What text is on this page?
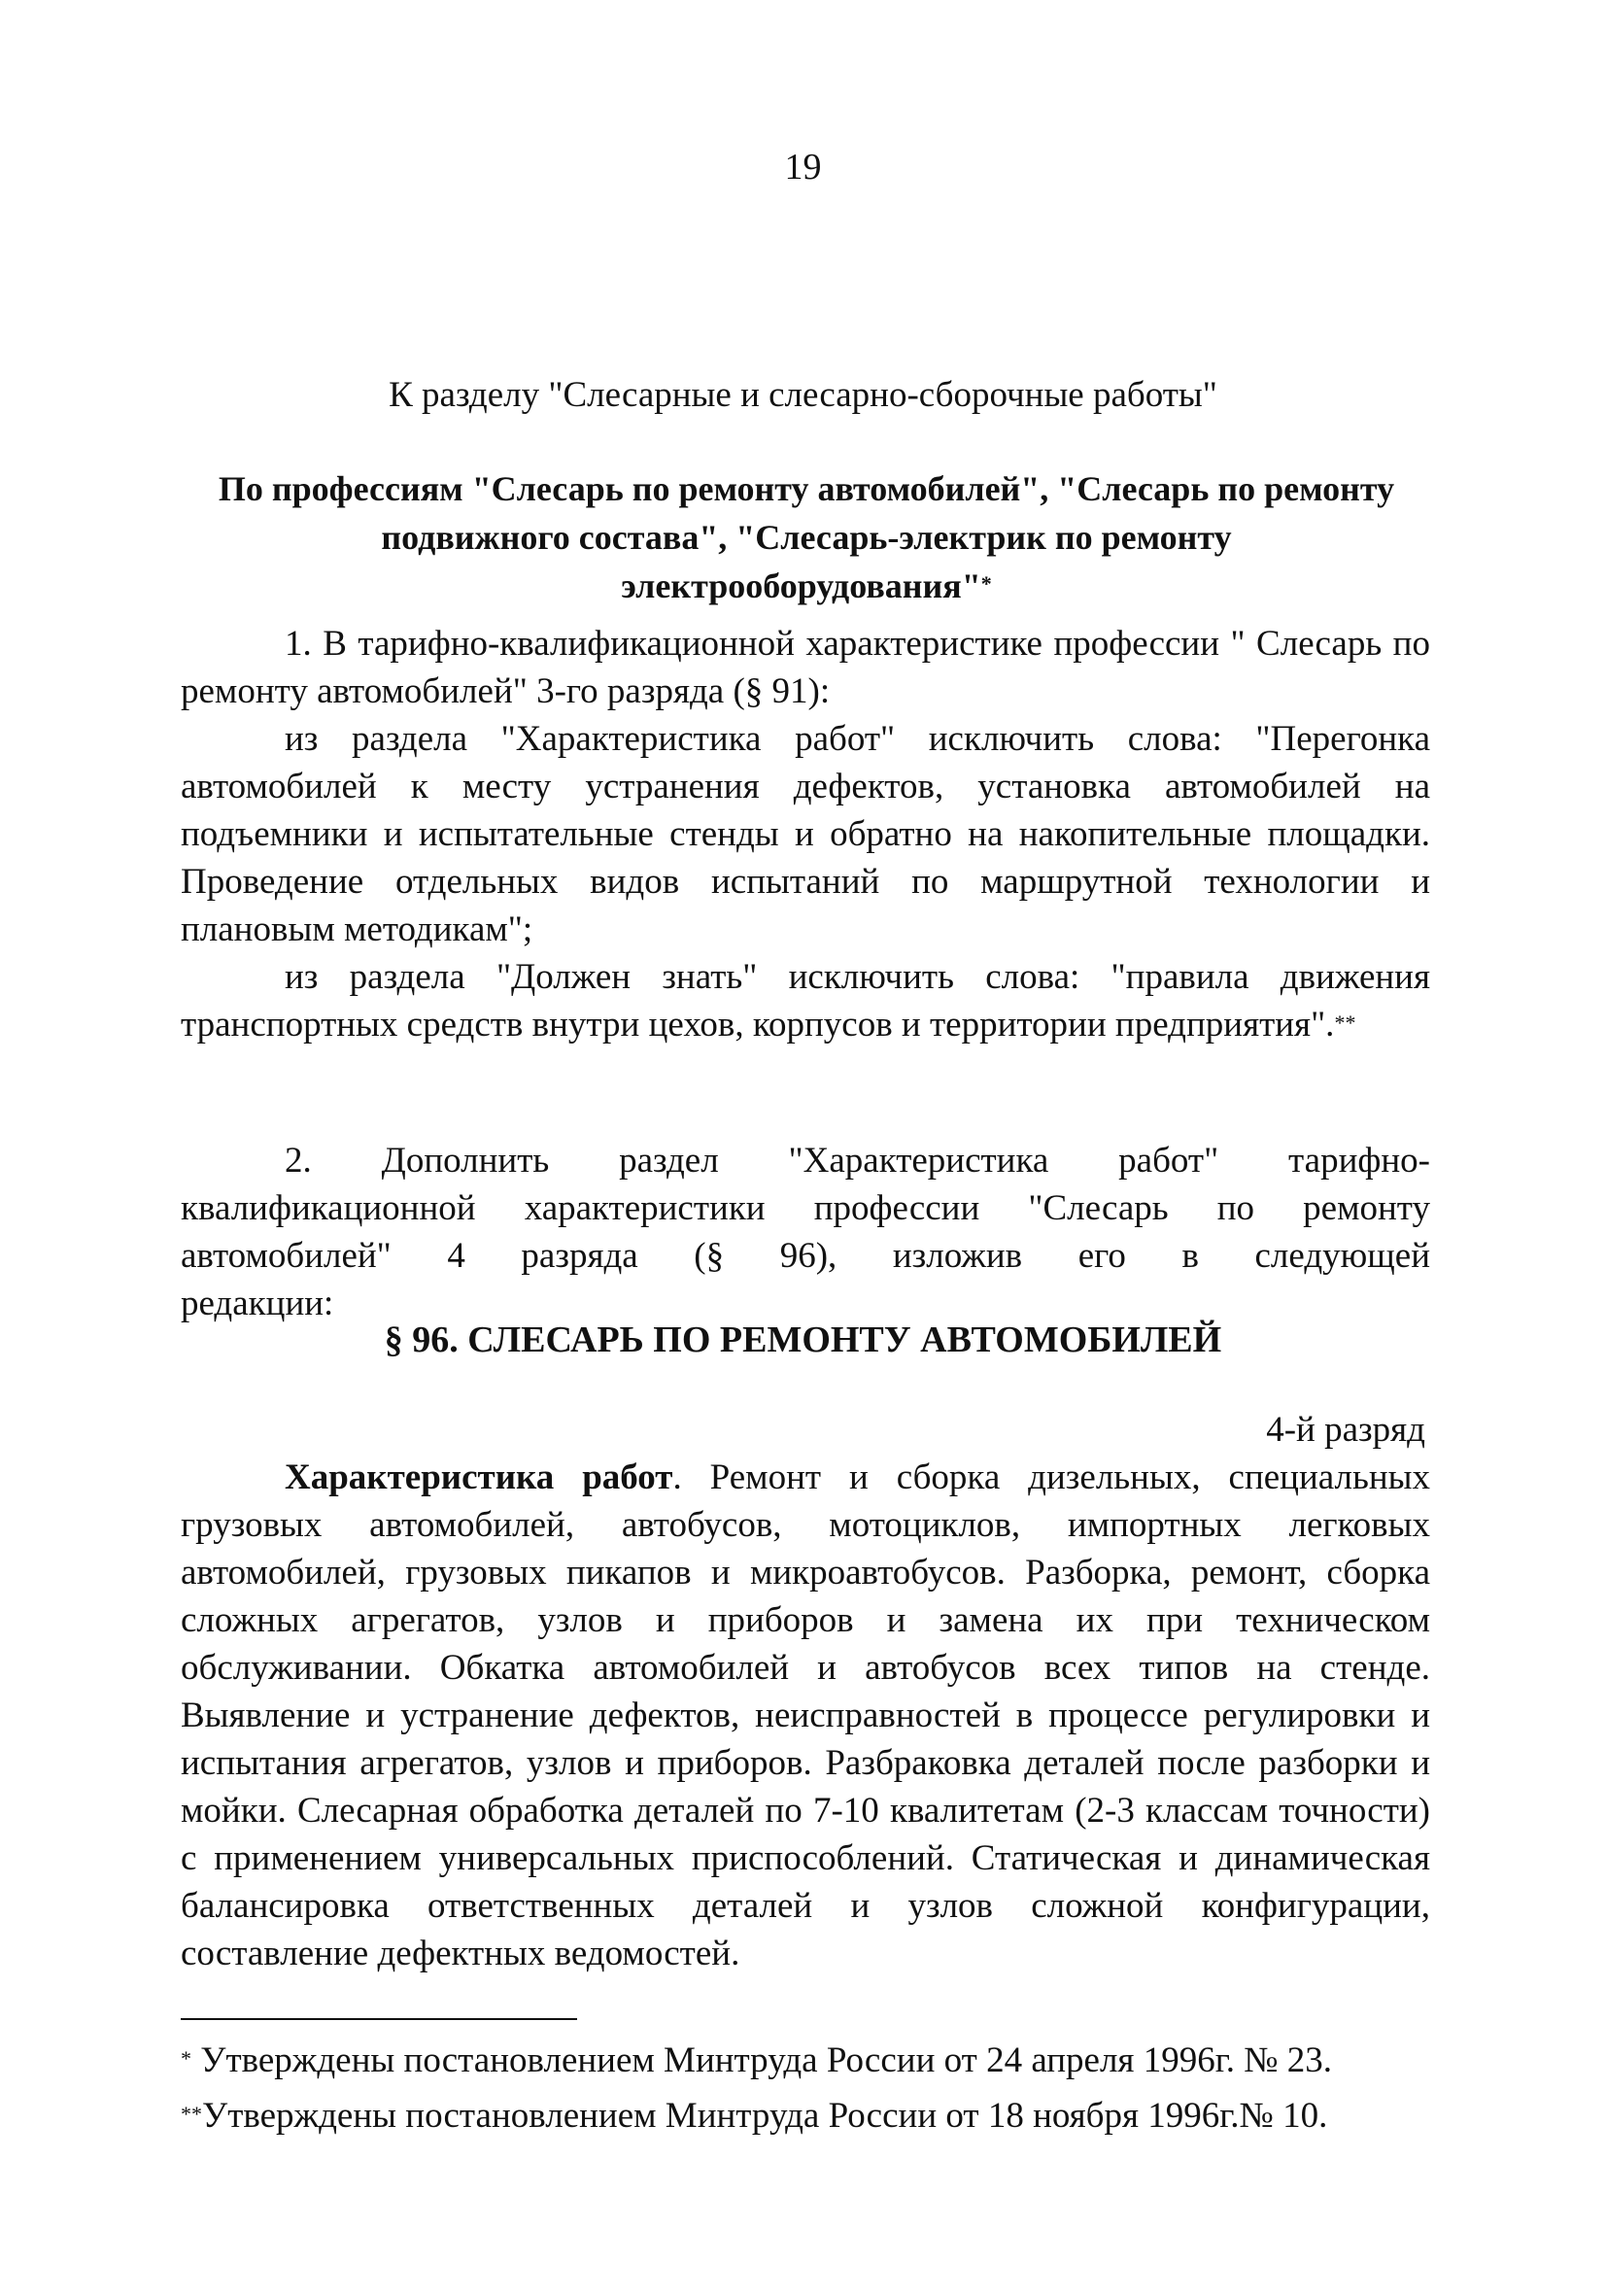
19
К разделу "Слесарные и слесарно-сборочные работы"
По профессиям "Слесарь по ремонту автомобилей", "Слесарь по ремонту подвижного состава", "Слесарь-электрик по ремонту электрооборудования"*

1. В тарифно-квалификационной характеристике профессии " Слесарь по ремонту автомобилей" 3-го разряда (§ 91):

из раздела "Характеристика работ" исключить слова: "Перегонка автомобилей к месту устранения дефектов, установка автомобилей на подъемники и испытательные стенды и обратно на накопительные площадки. Проведение отдельных видов испытаний по маршрутной технологии и плановым методикам";

из раздела "Должен знать" исключить слова: "правила движения транспортных средств внутри цехов, корпусов и территории предприятия".**

2. Дополнить раздел "Характеристика работ" тарифно-квалификационной характеристики профессии "Слесарь по ремонту автомобилей" 4 разряда (§ 96), изложив его в следующей редакции:

§ 96. СЛЕСАРЬ ПО РЕМОНТУ АВТОМОБИЛЕЙ
4-й разряд

Характеристика работ. Ремонт и сборка дизельных, специальных грузовых автомобилей, автобусов, мотоциклов, импортных легковых автомобилей, грузовых пикапов и микроавтобусов. Разборка, ремонт, сборка сложных агрегатов, узлов и приборов и замена их при техническом обслуживании. Обкатка автомобилей и автобусов всех типов на стенде. Выявление и устранение дефектов, неисправностей в процессе регулировки и испытания агрегатов, узлов и приборов. Разбраковка деталей после разборки и мойки. Слесарная обработка деталей по 7-10 квалитетам (2-3 классам точности) с применением универсальных приспособлений. Статическая и динамическая балансировка ответственных деталей и узлов сложной конфигурации, составление дефектных ведомостей.

* Утверждены постановлением Минтруда России от 24 апреля 1996г. № 23.
**Утверждены постановлением Минтруда России от 18 ноября 1996г.№ 10.
